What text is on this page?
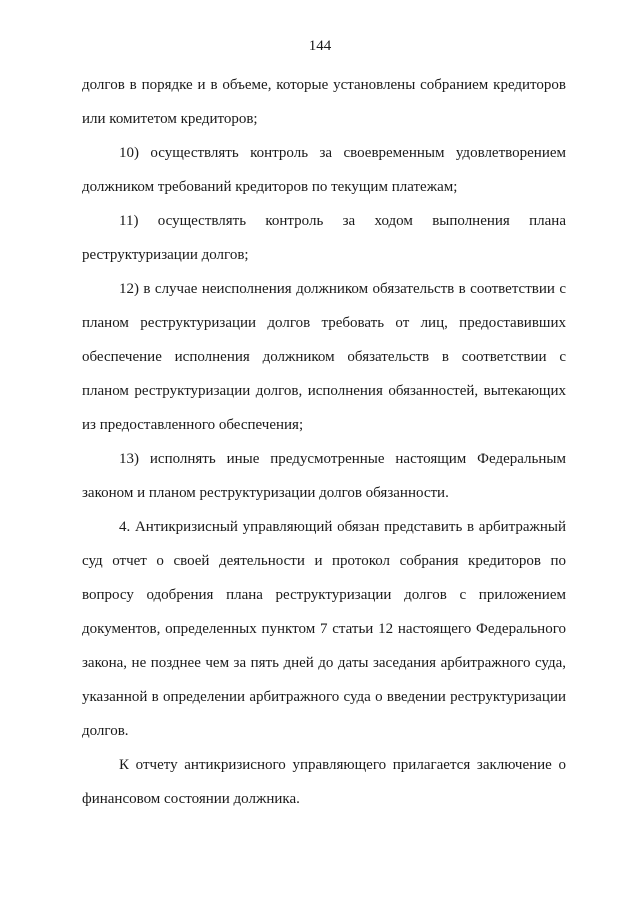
144
долгов в порядке и в объеме, которые установлены собранием кредиторов
или комитетом кредиторов;
10) осуществлять контроль за своевременным удовлетворением
должником требований кредиторов по текущим платежам;
11) осуществлять контроль за ходом выполнения плана
реструктуризации долгов;
12) в случае неисполнения должником обязательств в соответствии с
планом реструктуризации долгов требовать от лиц, предоставивших
обеспечение исполнения должником обязательств в соответствии с
планом реструктуризации долгов, исполнения обязанностей, вытекающих
из предоставленного обеспечения;
13) исполнять иные предусмотренные настоящим Федеральным
законом и планом реструктуризации долгов обязанности.
4. Антикризисный управляющий обязан представить в арбитражный
суд отчет о своей деятельности и протокол собрания кредиторов по
вопросу одобрения плана реструктуризации долгов с приложением
документов, определенных пунктом 7 статьи 12 настоящего Федерального
закона, не позднее чем за пять дней до даты заседания арбитражного суда,
указанной в определении арбитражного суда о введении реструктуризации
долгов.
К отчету антикризисного управляющего прилагается заключение о
финансовом состоянии должника.
